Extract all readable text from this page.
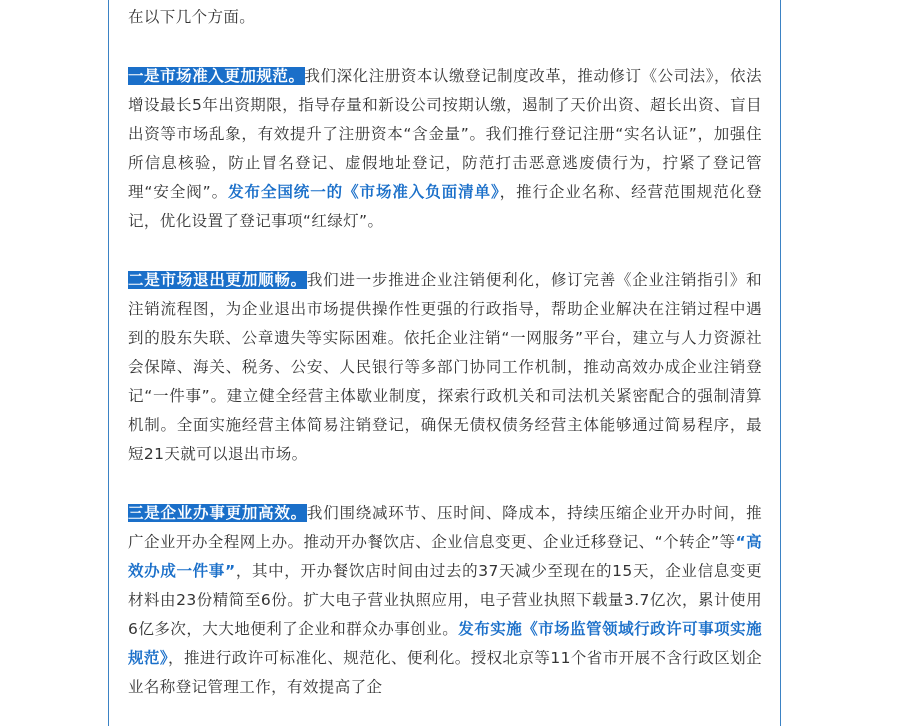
在以下几个方面。

一是市场准入更加规范。我们深化注册资本认缴登记制度改革，推动修订《公司法》，依法增设最长5年出资期限，指导存量和新设公司按期认缴，遏制了天价出资、超长出资、盲目出资等市场乱象，有效提升了注册资本“含金量”。我们推行登记注册“实名认证”，加强住所信息核验，防止冒名登记、虚假地址登记，防范打击恶意逃废债行为，拧紧了登记管理“安全阀”。发布全国统一的《市场准入负面清单》，推行企业名称、经营范围规范化登记，优化设置了登记事项“红绿灯”。

二是市场退出更加顺畅。我们进一步推进企业注销便利化，修订完善《企业注销指引》和注销流程图，为企业退出市场提供操作性更强的行政指导，帮助企业解决在注销过程中遇到的股东失联、公章遗失等实际困难。依托企业注销“一网服务”平台，建立与人力资源社会保障、海关、税务、公安、人民银行等多部门协同工作机制，推动高效办成企业注销登记“一件事”。建立健全经营主体歇业制度，探索行政机关和司法机关紧密配合的强制清算机制。全面实施经营主体简易注销登记，确保无债权债务经营主体能够通过简易程序，最短21天就可以退出市场。

三是企业办事更加高效。我们围绕减环节、压时间、降成本，持续压缩企业开办时间，推广企业开办全程网上办。推动开办餐饮店、企业信息变更、企业迁移登记、“个转企”等“高效办成一件事”，其中，开办餐饮店时间由过去的37天减少至现在的15天，企业信息变更材料由23份精简至6份。扩大电子营业执照应用，电子营业执照下载量3.7亿次，累计使用6亿多次，大大地便利了企业和群众办事创业。发布实施《市场监管领域行政许可事项实施规范》，推进行政许可标准化、规范化、便利化。授权北京等11个省市开展不含行政区划企业名称登记管理工作，有效提高了企
